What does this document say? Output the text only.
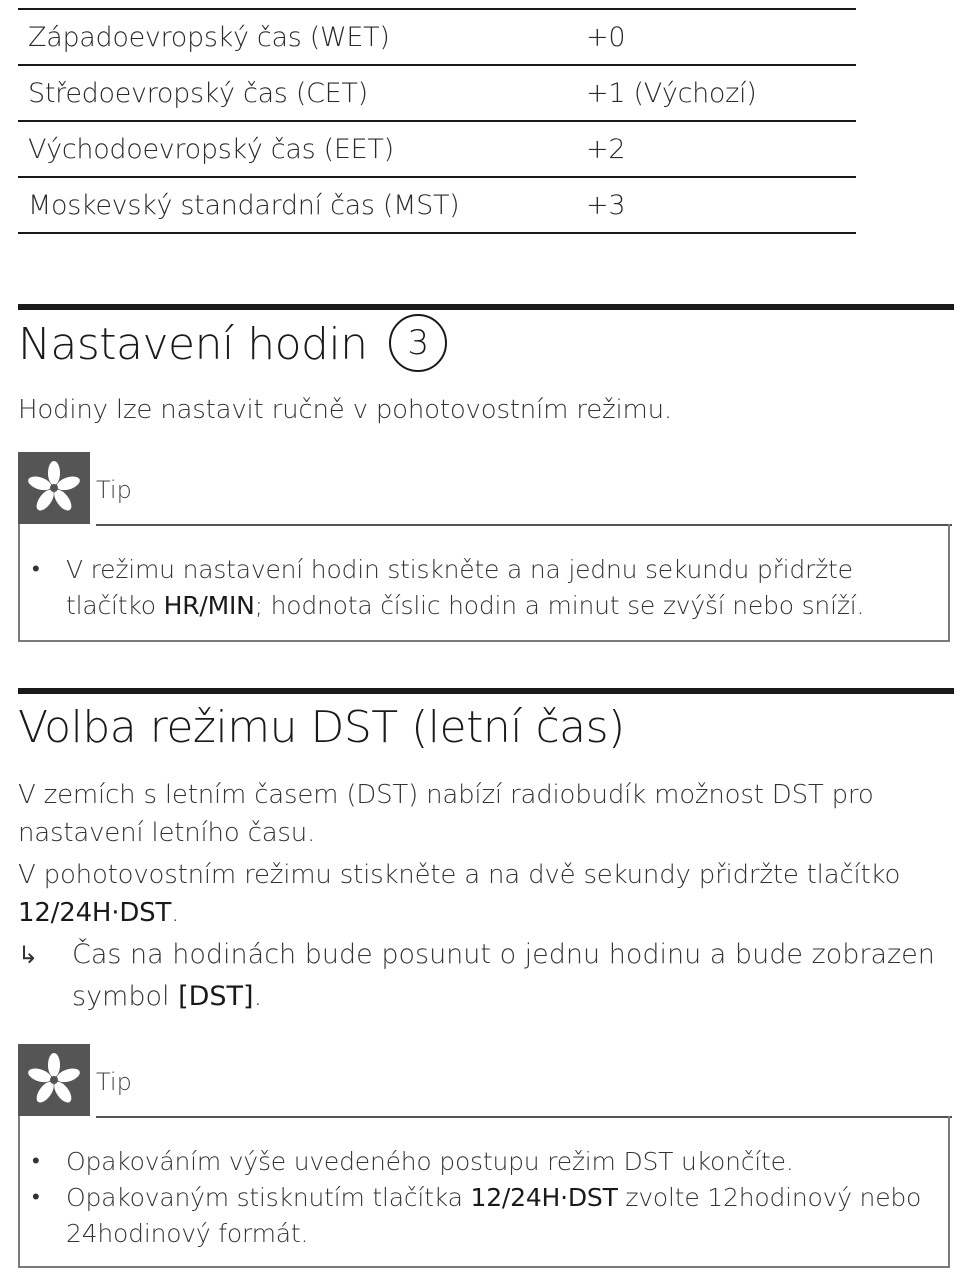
Západoevropský čas (WET)	+0
Středoevropský čas (CET)	+1 (Výchozí)
Východoevropský čas (EET)	+2
Moskevský standardní čas (MST)	+3
Nastavení hodin 3
Hodiny lze nastavit ručně v pohotovostním režimu.
Tip
• V režimu nastavení hodin stiskněte a na jednu sekundu přidržte tlačítko HR/MIN; hodnota číslic hodin a minut se zvýší nebo sníží.
Volba režimu DST (letní čas)
V zemích s letním časem (DST) nabízí radiobudík možnost DST pro nastavení letního času.
V pohotovostním režimu stiskněte a na dvě sekundy přidržte tlačítko 12/24H·DST.
↳ Čas na hodinách bude posunut o jednu hodinu a bude zobrazen symbol [DST].
Tip
• Opakováním výše uvedeného postupu režim DST ukončíte.
• Opakovaným stisknutím tlačítka 12/24H·DST zvolte 12hodinový nebo 24hodinový formát.
